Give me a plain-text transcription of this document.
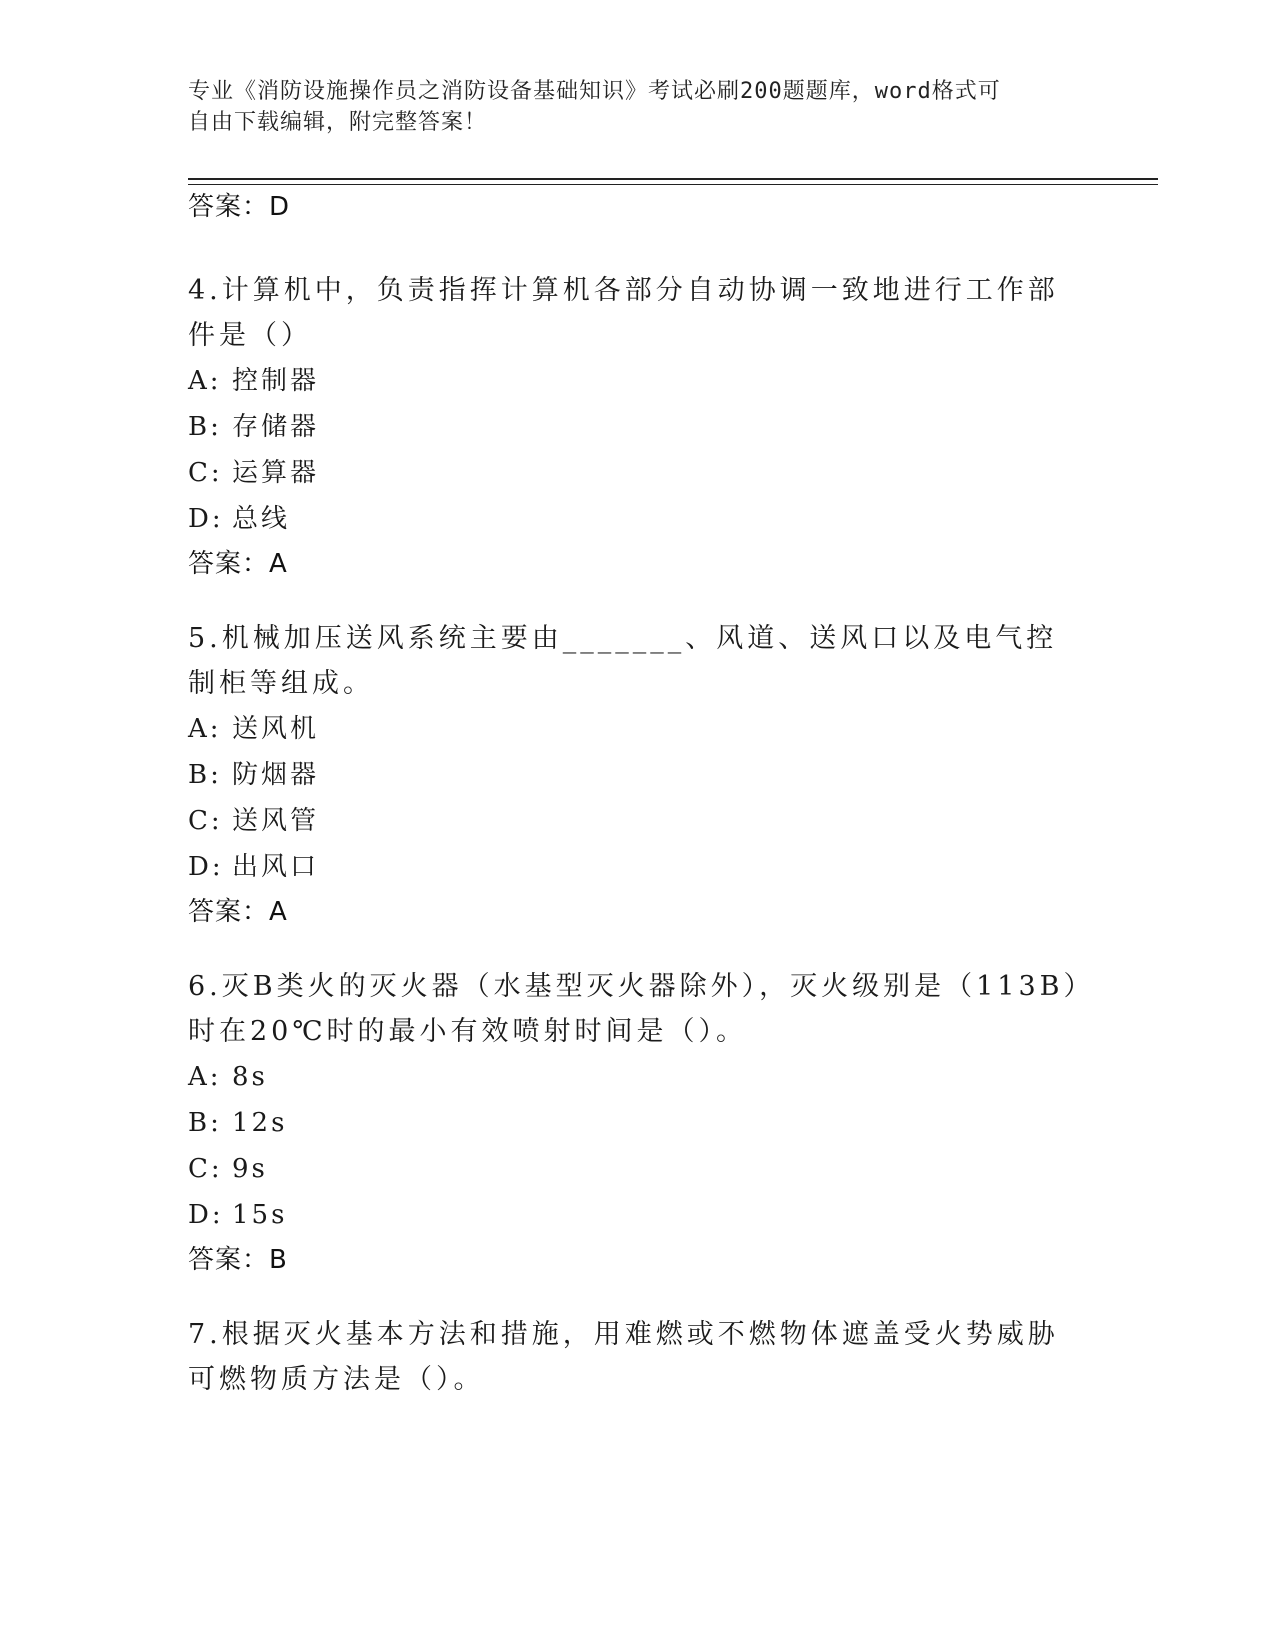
专业《消防设施操作员之消防设备基础知识》考试必刷200题题库，word格式可
自由下载编辑，附完整答案！
答案：D
4.计算机中，负责指挥计算机各部分自动协调一致地进行工作部件是（）
A: 控制器
B: 存储器
C: 运算器
D: 总线
答案：A
5.机械加压送风系统主要由_______、风道、送风口以及电气控制柜等组成。
A: 送风机
B: 防烟器
C: 送风管
D: 出风口
答案：A
6.灭B类火的灭火器（水基型灭火器除外），灭火级别是（113B）时在20℃时的最小有效喷射时间是（）。
A: 8s
B: 12s
C: 9s
D: 15s
答案：B
7.根据灭火基本方法和措施，用难燃或不燃物体遮盖受火势威胁可燃物质方法是（）。
